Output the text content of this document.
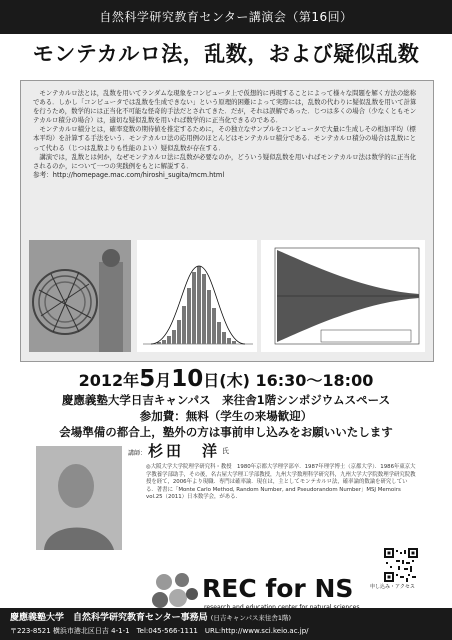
自然科学研究教育センター講演会（第16回）
モンテカルロ法，乱数，および疑似乱数

モンテカルロ法とは，乱数を用いてランダムな現象をコンピュータ上で仮想的に再現することによって様々な問題を解く方法の総称である．しかし「コンピュータでは乱数を生成できない」という原理的困難によって実際には，乱数の代わりに疑似乱数を用いて計算を行うため，数学的には正当化不可能な怪奇的手法だとされてきた．だが，それは誤解であった．じつは多くの場合（少なくともモンテカルロ積分の場合）は，適切な疑似乱数を用いれば数学的に正当化できるのである．

モンテカルロ積分とは，確率変数の期待値を推定するために，その独立なサンプルをコンピュータで大量に生成しその相加平均（標本平均）を計算する手法をいう．モンテカルロ法の応用例のほとんどはモンテカルロ積分である．モンテカルロ積分の場合は乱数にとって代わる（じつは乱数よりも性能のよい）疑似乱数が存在する．

講演では，乱数とは何か，なぜモンテカルロ法に乱数が必要なのか，どういう疑似乱数を用いればモンテカルロ法は数学的に正当化されるのか，について一つの実践例をもとに解説する．

参考：http://homepage.mac.com/hiroshi_sugita/mcm.html
2012年5月10日(木) 16:30～18:00
慶應義塾大学日吉キャンパス　来往舎1階シンポジウムスペース
参加費：無料（学生の来場歓迎）
会場準備の都合上，塾外の方は事前申し込みをお願いいたします
講師： 杉田　洋 氏
◎大阪大学大学院理学研究科・教授　1980年京都大学理学部卒．1987年理学博士（京都大学）．1986年東京大学教養学部助手，その後，名古屋大学理工学部教授，九州大学数理科学研究科，九州大学大学院数理学研究院教授を経て，2006年より現職．専門は確率論．現在は，主としてモンテカルロ法，確率論的数論を研究している．著書に「Monte Carlo Method, Random Number, and Pseudorandom Number」MSJ Memoirs vol.25（2011）日本数学会，がある．
REC for NS	申し込み・アクセス
慶應義塾大学　自然科学研究教育センター事務局 (日吉キャンパス来往舎1階)
〒223-8521 横浜市港北区日吉 4-1-1　Tel:045-566-1111　URL:http://www.sci.keio.ac.jp/
